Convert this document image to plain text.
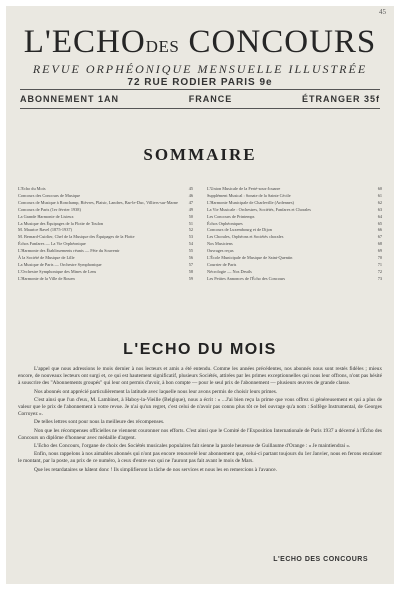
45
L'ECHODES CONCOURS
REVUE ORPHÉONIQUE MENSUELLE ILLUSTRÉE
72 RUE RODIER PARIS 9e
ABONNEMENT 1AN	FRANCE	ÉTRANGER 35f
SOMMAIRE
L'Echo du Mois	45
Concours des Concours de Musique	46
Concours de Musique à Ronchamp, Bièvres, Plaisir, Landres, Bar-le-Duc, Villiers-sur-Marne	47
Concours de Paris (1er février 1938)	49
La Grande Harmonie de Lisieux	50
La Musique des Équipages de la Flotte de Toulon	51
M. Maurice Ravel (1875-1937)	52
M. Bernard-Cuirlier, Chef de la Musique des Équipages de la Flotte	53
Échos Fanfares — La Vie Orphéonique	54
L'Harmonie des Établissements réunis — Fête du Souvenir	55
À la Société de Musique de Lille	56
La Musique de Paris — Orchestre Symphonique	57
L'Orchestre Symphonique des Mines de Lens	58
L'Harmonie de la Ville de Rouen	59
L'Union Musicale de la Ferté-sous-Jouarre	60
Supplément Musical : Sonate de la Sainte Cécile	61
L'Harmonie Municipale de Charleville (Ardennes)	62
La Vie Musicale : Orchestres, Sociétés, Fanfares et Chorales	63
Les Concours de Printemps	64
Échos Orphéoniques	65
Concours de Luxembourg et de Dijon	66
Les Chorales, Orphéons et Sociétés chorales	67
Nos Musiciens	68
Ouvrages reçus	69
L'École Municipale de Musique de Saint-Quentin	70
Courrier de Paris	71
Nécrologie — Nos Deuils	72
Les Petites Annonces de l'Écho des Concours	73
L'ECHO DU MOIS

L'appel que nous adressions le mois dernier à nos lecteurs et amis a été entendu. Comme les années précédentes, nos abonnés nous sont restés fidèles ; mieux encore, de nouveaux lecteurs ont surgi et, ce qui est hautement significatif, plusieurs Sociétés, attirées par les primes exceptionnelles qui nous leur offrons, n'ont pas hésité à souscrire des "Abonnements groupés" qui leur ont permis d'avoir, à bon compte — pour le seul prix de l'abonnement — plusieurs œuvres de grande classe.

Nos abonnés ont apprécié particulièrement la latitude avec laquelle nous leur avons permis de choisir leurs primes.

C'est ainsi que l'un d'eux, M. Lambinet, à Haboy-la-Vieille (Belgique), nous a écrit : « ...J'ai bien reçu la prime que vous offrez si généreusement et qui a plus de valeur que le prix de l'abonnement à votre revue. Je n'ai qu'un regret, c'est celui de n'avoir pas connu plus tôt ce bel ouvrage qu'a nom : Solfège Instrumental, de Georges Corroyez ».

De telles lettres sont pour nous la meilleure des récompenses.

Non que les récompenses officielles ne viennent couronner nos efforts. C'est ainsi que le Comité de l'Exposition Internationale de Paris 1937 a décerné à l'Écho des Concours un diplôme d'honneur avec médaille d'argent.

L'Echo des Concours, l'organe de choix des Sociétés musicales populaires fait sienne la parole heureuse de Guillaume d'Orange : « Je maintiendrai ».

Enfin, nous rappelons à nos aimables abonnés qui n'ont pas encore renouvelé leur abonnement que, celui-ci partant toujours du 1er Janvier, nous en ferons encaisser le montant, par la poste, au prix de ce numéro, à ceux d'entre eux qui ne l'auront pas fait avant le mois de Mars.

Que les retardataires se hâtent donc ! Ils simplifieront la tâche de nos services et nous les en remercions à l'avance.

L'ECHO DES CONCOURS
